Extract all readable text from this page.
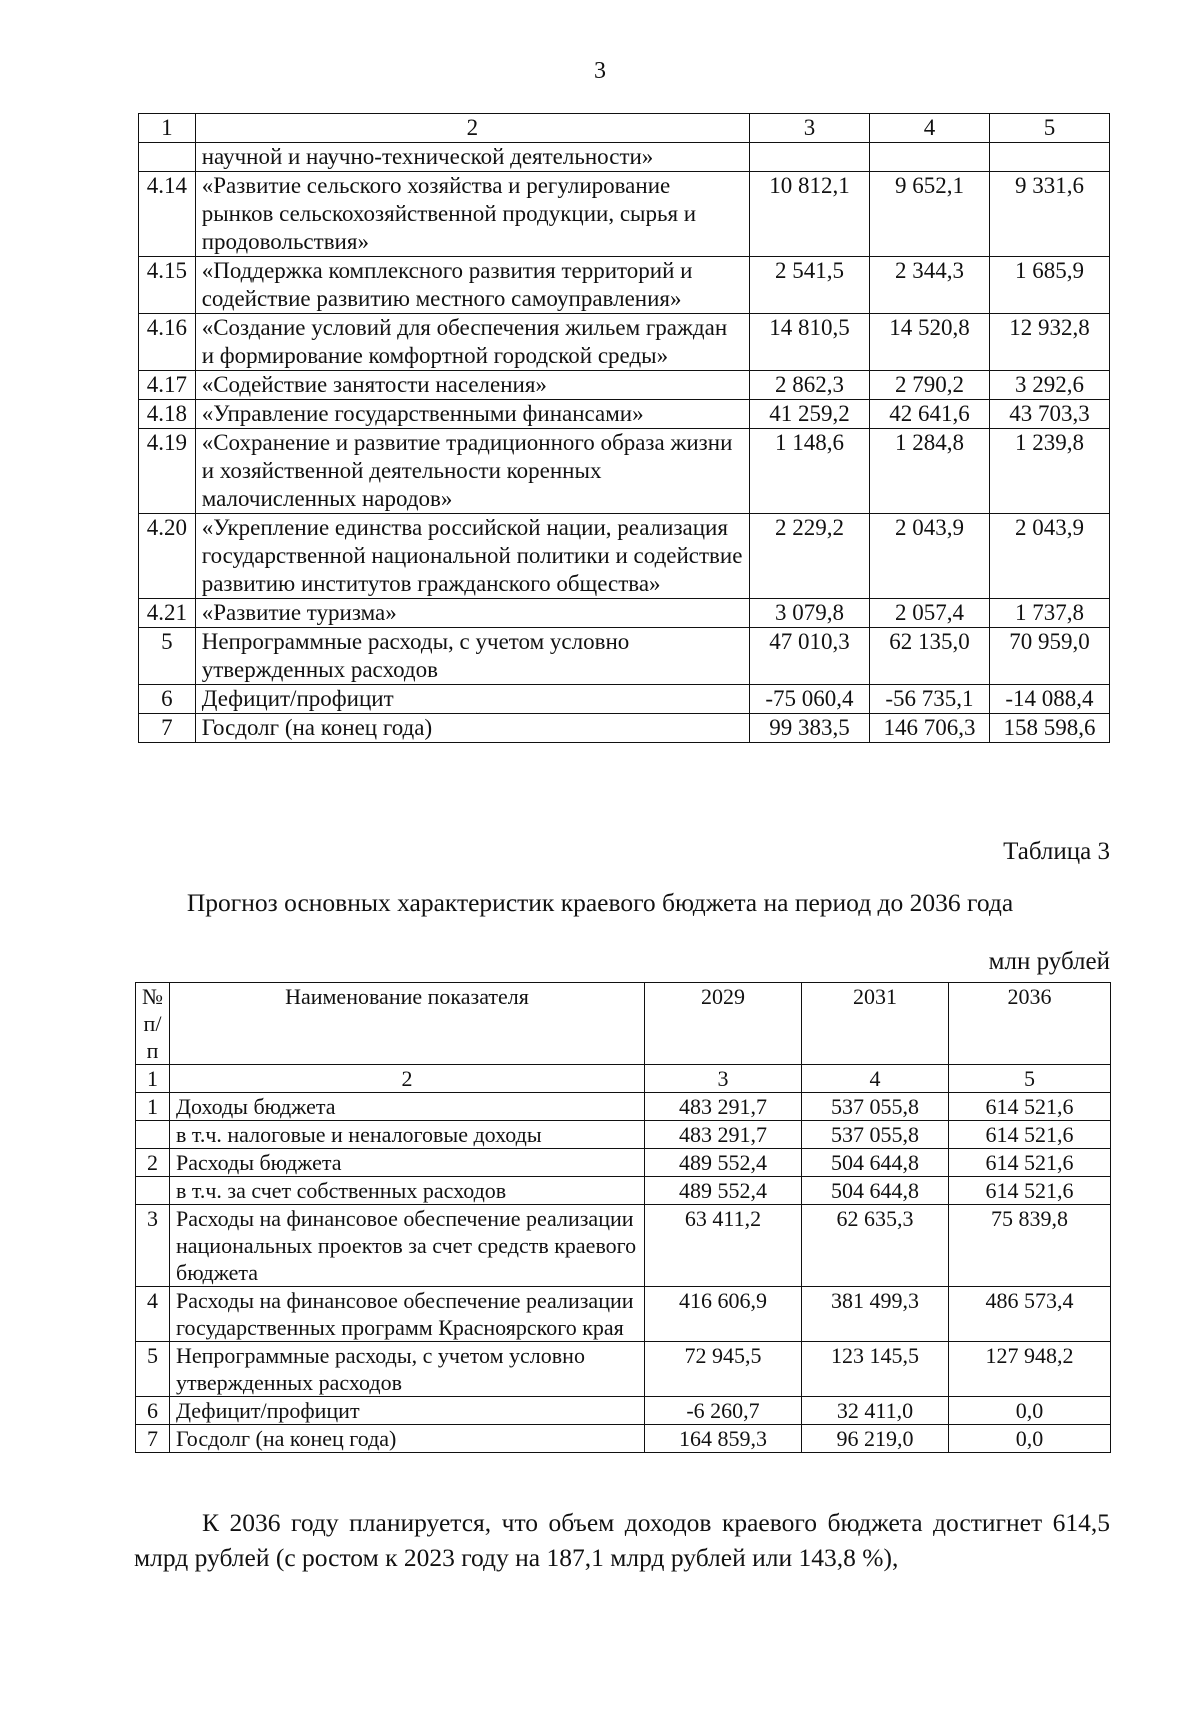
3
1	2	3	4	5
	научной и научно-технической деятельности»			
4.14	«Развитие сельского хозяйства и регулирование рынков сельскохозяйственной продукции, сырья и продовольствия»	10 812,1	9 652,1	9 331,6
4.15	«Поддержка комплексного развития территорий и содействие развитию местного самоуправления»	2 541,5	2 344,3	1 685,9
4.16	«Создание условий для обеспечения жильем граждан и формирование комфортной городской среды»	14 810,5	14 520,8	12 932,8
4.17	«Содействие занятости населения»	2 862,3	2 790,2	3 292,6
4.18	«Управление государственными финансами»	41 259,2	42 641,6	43 703,3
4.19	«Сохранение и развитие традиционного образа жизни и хозяйственной деятельности коренных малочисленных народов»	1 148,6	1 284,8	1 239,8
4.20	«Укрепление единства российской нации, реализация государственной национальной политики и содействие развитию институтов гражданского общества»	2 229,2	2 043,9	2 043,9
4.21	«Развитие туризма»	3 079,8	2 057,4	1 737,8
5	Непрограммные расходы, с учетом условно утвержденных расходов	47 010,3	62 135,0	70 959,0
6	Дефицит/профицит	-75 060,4	-56 735,1	-14 088,4
7	Госдолг (на конец года)	99 383,5	146 706,3	158 598,6
Таблица 3
Прогноз основных характеристик краевого бюджета на период до 2036 года
млн рублей
№ п/п	Наименование показателя	2029	2031	2036
1	2	3	4	5
1	Доходы бюджета	483 291,7	537 055,8	614 521,6
	в т.ч. налоговые и неналоговые доходы	483 291,7	537 055,8	614 521,6
2	Расходы бюджета	489 552,4	504 644,8	614 521,6
	в т.ч. за счет собственных расходов	489 552,4	504 644,8	614 521,6
3	Расходы на финансовое обеспечение реализации национальных проектов за счет средств краевого бюджета	63 411,2	62 635,3	75 839,8
4	Расходы на финансовое обеспечение реализации государственных программ Красноярского края	416 606,9	381 499,3	486 573,4
5	Непрограммные расходы, с учетом условно утвержденных расходов	72 945,5	123 145,5	127 948,2
6	Дефицит/профицит	-6 260,7	32 411,0	0,0
7	Госдолг (на конец года)	164 859,3	96 219,0	0,0
К 2036 году планируется, что объем доходов краевого бюджета достигнет 614,5 млрд рублей (с ростом к 2023 году на 187,1 млрд рублей или 143,8 %),
